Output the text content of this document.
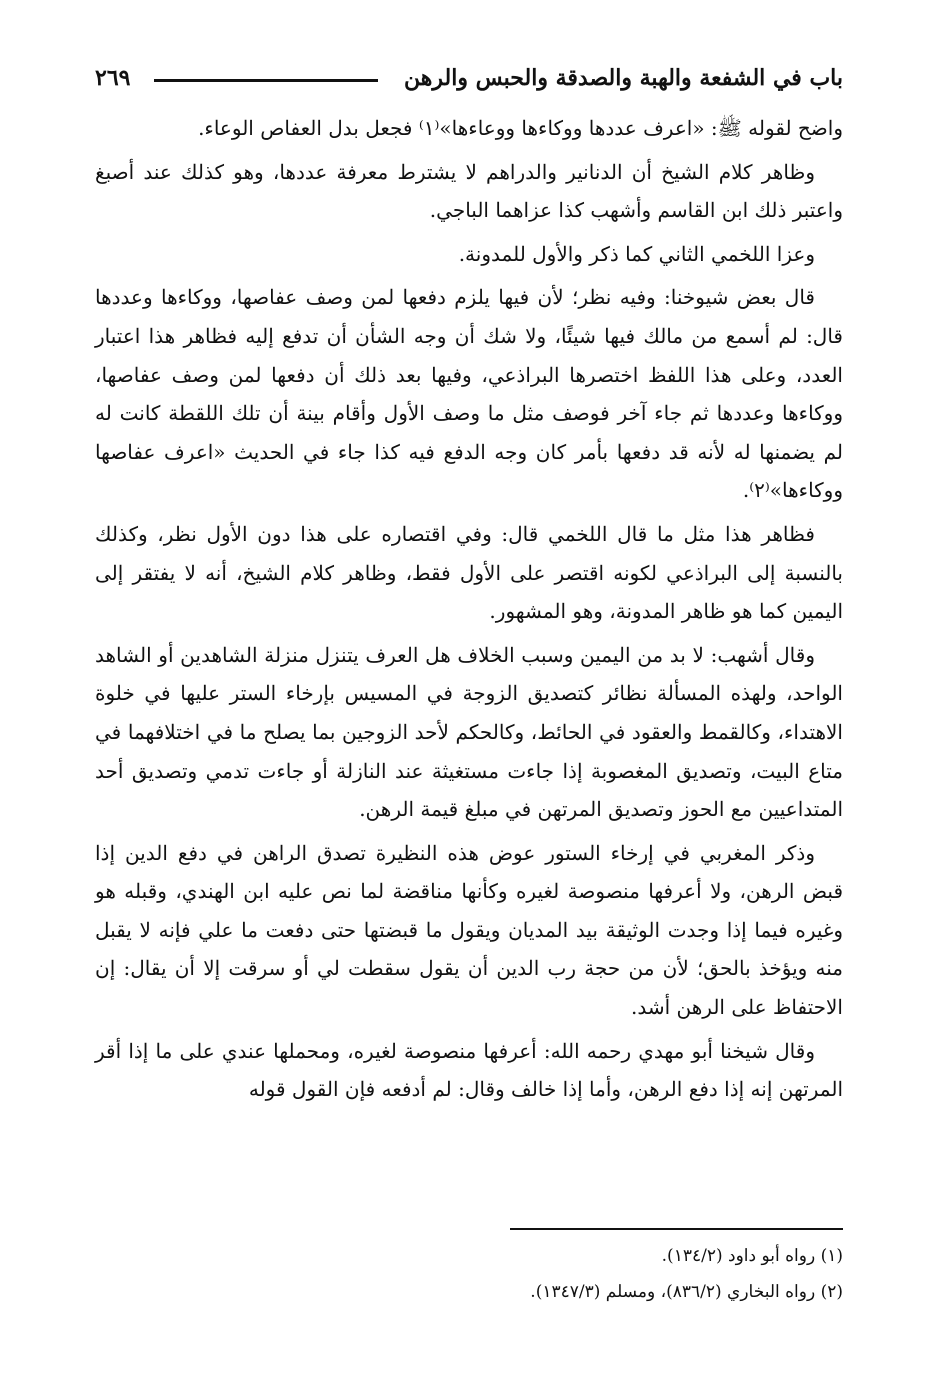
باب في الشفعة والهبة والصدقة والحبس والرهن
٢٦٩

واضح لقوله ﷺ: «اعرف عددها ووكاءها ووعاءها»⁽١⁾ فجعل بدل العفاص الوعاء.

وظاهر كلام الشيخ أن الدنانير والدراهم لا يشترط معرفة عددها، وهو كذلك عند أصبغ واعتبر ذلك ابن القاسم وأشهب كذا عزاهما الباجي.

وعزا اللخمي الثاني كما ذكر والأول للمدونة.

قال بعض شيوخنا: وفيه نظر؛ لأن فيها يلزم دفعها لمن وصف عفاصها، ووكاءها وعددها قال: لم أسمع من مالك فيها شيئًا، ولا شك أن وجه الشأن أن تدفع إليه فظاهر هذا اعتبار العدد، وعلى هذا اللفظ اختصرها البراذعي، وفيها بعد ذلك أن دفعها لمن وصف عفاصها، ووكاءها وعددها ثم جاء آخر فوصف مثل ما وصف الأول وأقام بينة أن تلك اللقطة كانت له لم يضمنها له لأنه قد دفعها بأمر كان وجه الدفع فيه كذا جاء في الحديث «اعرف عفاصها ووكاءها»⁽٢⁾.

فظاهر هذا مثل ما قال اللخمي قال: وفي اقتصاره على هذا دون الأول نظر، وكذلك بالنسبة إلى البراذعي لكونه اقتصر على الأول فقط، وظاهر كلام الشيخ، أنه لا يفتقر إلى اليمين كما هو ظاهر المدونة، وهو المشهور.

وقال أشهب: لا بد من اليمين وسبب الخلاف هل العرف يتنزل منزلة الشاهدين أو الشاهد الواحد، ولهذه المسألة نظائر كتصديق الزوجة في المسيس بإرخاء الستر عليها في خلوة الاهتداء، وكالقمط والعقود في الحائط، وكالحكم لأحد الزوجين بما يصلح ما في اختلافهما في متاع البيت، وتصديق المغصوبة إذا جاءت مستغيثة عند النازلة أو جاءت تدمي وتصديق أحد المتداعيين مع الحوز وتصديق المرتهن في مبلغ قيمة الرهن.

وذكر المغربي في إرخاء الستور عوض هذه النظيرة تصدق الراهن في دفع الدين إذا قبض الرهن، ولا أعرفها منصوصة لغيره وكأنها مناقضة لما نص عليه ابن الهندي، وقبله هو وغيره فيما إذا وجدت الوثيقة بيد المديان ويقول ما قبضتها حتى دفعت ما علي فإنه لا يقبل منه ويؤخذ بالحق؛ لأن من حجة رب الدين أن يقول سقطت لي أو سرقت إلا أن يقال: إن الاحتفاظ على الرهن أشد.

وقال شيخنا أبو مهدي رحمه الله: أعرفها منصوصة لغيره، ومحملها عندي على ما إذا أقر المرتهن إنه إذا دفع الرهن، وأما إذا خالف وقال: لم أدفعه فإن القول قوله

(١) رواه أبو داود (١٣٤/٢).

(٢) رواه البخاري (٨٣٦/٢)، ومسلم (١٣٤٧/٣).
